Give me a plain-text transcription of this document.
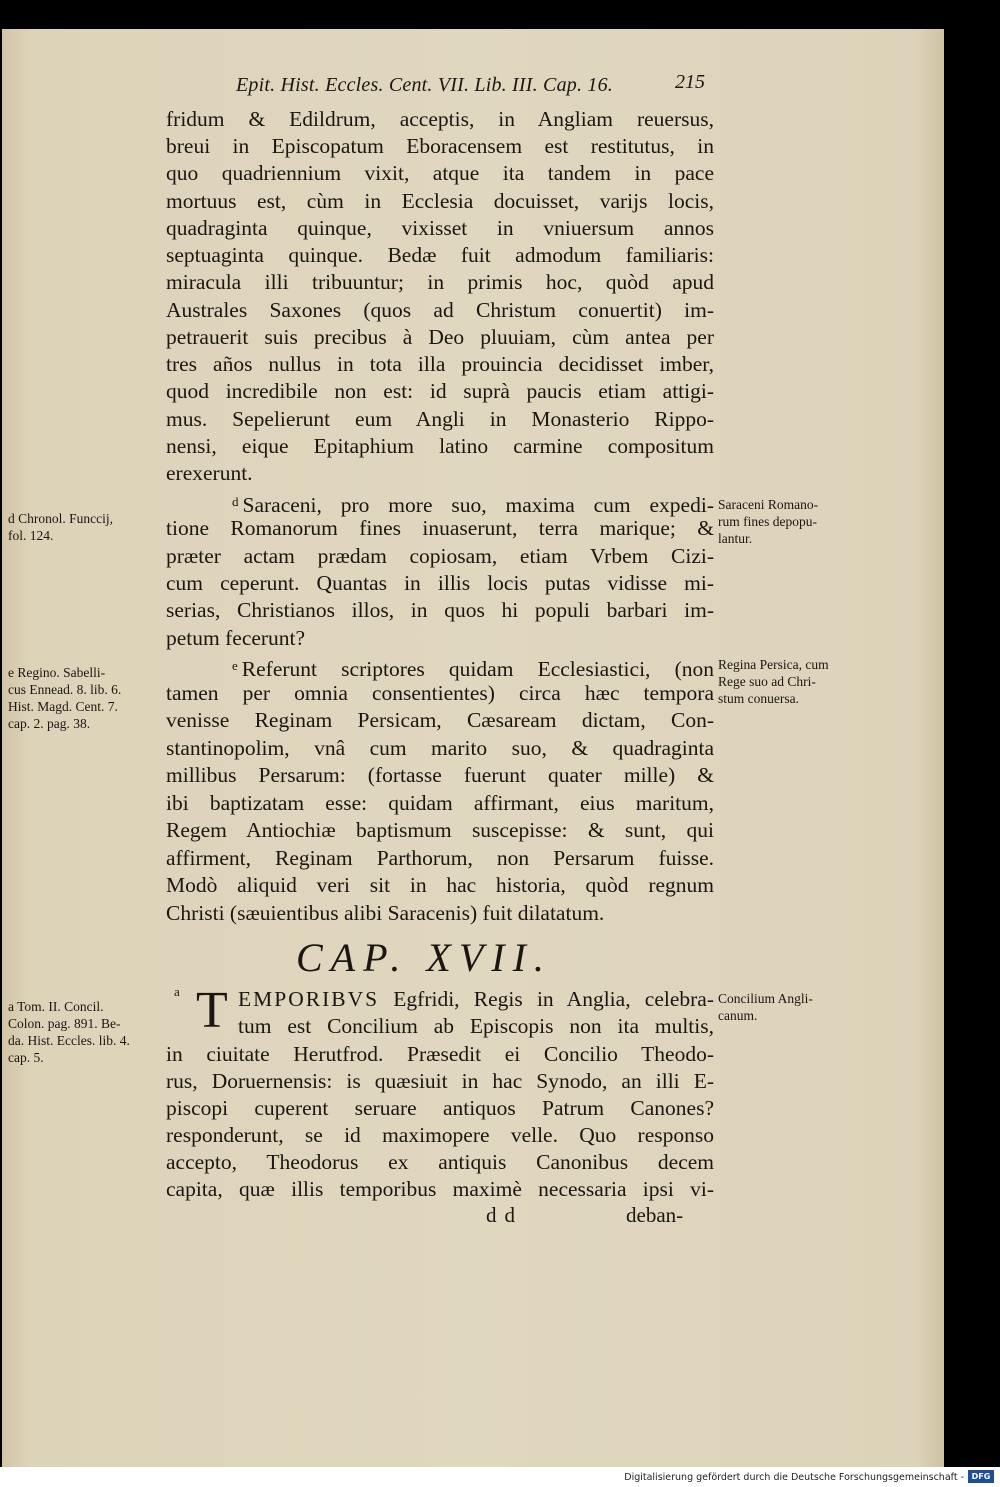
Epit. Hist. Eccles. Cent. VII. Lib. III. Cap. 16.	215
fridum & Edildrum, acceptis, in Angliam reuersus,
breui in Episcopatum Eboracensem est restitutus, in
quo quadriennium vixit, atque ita tandem in pace
mortuus est, cùm in Ecclesia docuisset, varijs locis,
quadraginta quinque, vixisset in vniuersum annos
septuaginta quinque. Bedæ fuit admodum familiaris:
miracula illi tribuuntur; in primis hoc, quòd apud
Australes Saxones (quos ad Christum conuertit) im-
petrauerit suis precibus à Deo pluuiam, cùm antea per
tres años nullus in tota illa prouincia decidisset imber,
quod incredibile non est: id suprà paucis etiam attigi-
mus. Sepelierunt eum Angli in Monasterio Rippo-
nensi, eique Epitaphium latino carmine compositum
erexerunt.
$^d$ Saraceni, pro more suo, maxima cum expedi-
tione Romanorum fines inuaserunt, terra marique; &
præter actam prædam copiosam, etiam Vrbem Cizi-
cum ceperunt. Quantas in illis locis putas vidisse mi-
serias, Christianos illos, in quos hi populi barbari im-
petum fecerunt?
$^e$ Referunt scriptores quidam Ecclesiastici, (non
tamen per omnia consentientes) circa hæc tempora
venisse Reginam Persicam, Cæsaream dictam, Con-
stantinopolim, vnâ cum marito suo, & quadraginta
millibus Persarum: (fortasse fuerunt quater mille) &
ibi baptizatam esse: quidam affirmant, eius maritum,
Regem Antiochiæ baptismum suscepisse: & sunt, qui
affirment, Reginam Parthorum, non Persarum fuisse.
Modò aliquid veri sit in hac historia, quòd regnum
Christi (sæuientibus alibi Saracenis) fuit dilatatum.
CAP. XVII.
a T EMPORIBVS Egfridi, Regis in Anglia, celebra-
tum est Concilium ab Episcopis non ita multis,
in ciuitate Herutfrod. Præsedit ei Concilio Theodo-
rus, Doruernensis: is quæsiuit in hac Synodo, an illi E-
piscopi cuperent seruare antiquos Patrum Canones?
responderunt, se id maximopere velle. Quo responso
accepto, Theodorus ex antiquis Canonibus decem
capita, quæ illis temporibus maximè necessaria ipsi vi-
dd	deban-
d Chronol. Funccij,
fol. 124.
e Regino. Sabelli-
cus Ennead. 8. lib. 6.
Hist. Magd. Cent. 7.
cap. 2. pag. 38.
a Tom. II. Concil.
Colon. pag. 891. Be-
da. Hist. Eccles. lib. 4.
cap. 5.
Saraceni Romano-
rum fines depopu-
lantur.
Regina Persica, cum
Rege suo ad Chri-
stum conuersa.
Concilium Angli-
canum.
Digitalisierung gefördert durch die Deutsche Forschungsgemeinschaft - DFG
